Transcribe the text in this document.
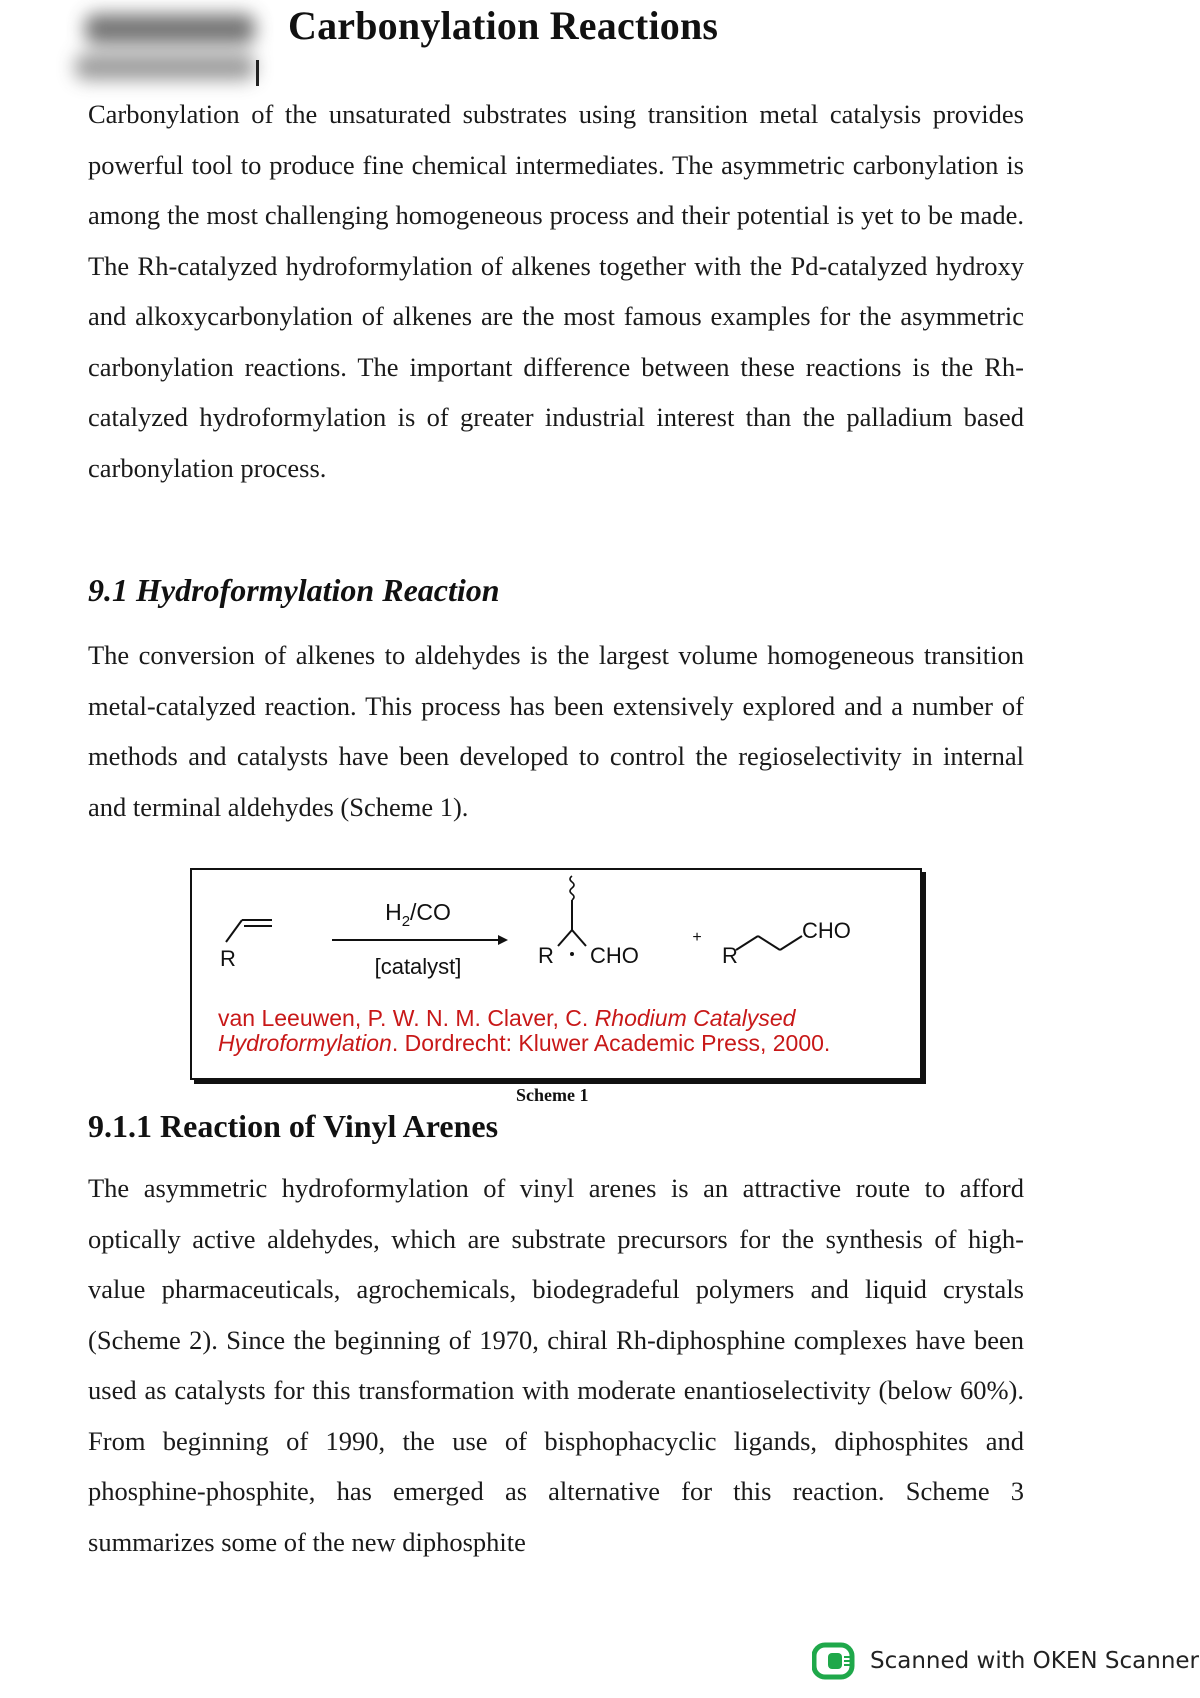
Carbonylation Reactions

Carbonylation of the unsaturated substrates using transition metal catalysis provides powerful tool to produce fine chemical intermediates. The asymmetric carbonylation is among the most challenging homogeneous process and their potential is yet to be made. The Rh-catalyzed hydroformylation of alkenes together with the Pd-catalyzed hydroxy and alkoxycarbonylation of alkenes are the most famous examples for the asymmetric carbonylation reactions. The important difference between these reactions is the Rh-catalyzed hydroformylation is of greater industrial interest than the palladium based carbonylation process.

9.1 Hydroformylation Reaction

The conversion of alkenes to aldehydes is the largest volume homogeneous transition metal-catalyzed reaction. This process has been extensively explored and a number of methods and catalysts have been developed to control the regioselectivity in internal and terminal aldehydes (Scheme 1).

R
$H_2/CO$
[catalyst]	R CHO
+
R
CHO

van Leeuwen, P. W. N. M. Claver, C. Rhodium Catalysed Hydroformylation. Dordrecht: Kluwer Academic Press, 2000.

Scheme 1

9.1.1 Reaction of Vinyl Arenes

The asymmetric hydroformylation of vinyl arenes is an attractive route to afford optically active aldehydes, which are substrate precursors for the synthesis of high-value pharmaceuticals, agrochemicals, biodegradeful polymers and liquid crystals (Scheme 2). Since the beginning of 1970, chiral Rh-diphosphine complexes have been used as catalysts for this transformation with moderate enantioselectivity (below 60%). From beginning of 1990, the use of bisphophacyclic ligands, diphosphites and phosphine-phosphite, has emerged as alternative for this reaction. Scheme 3 summarizes some of the new diphosphite

Scanned with OKEN Scanner
